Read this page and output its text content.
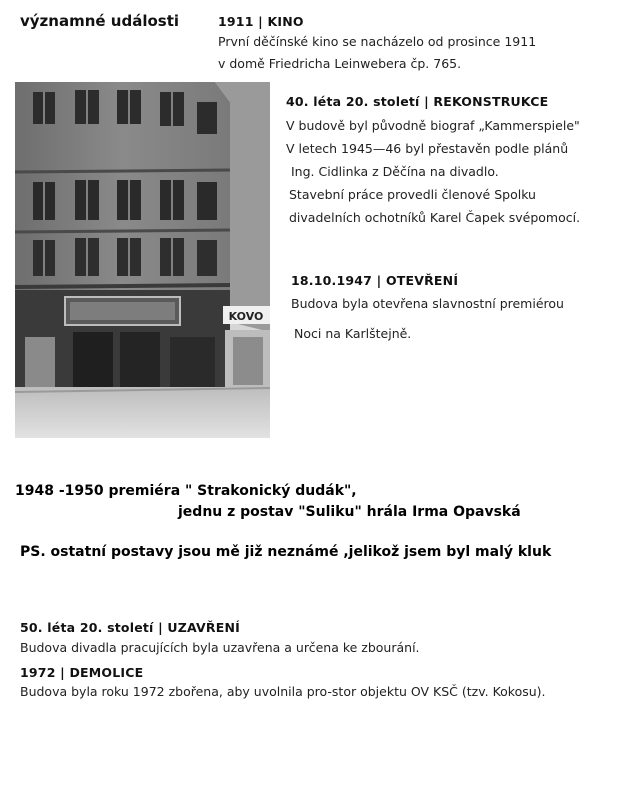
významné události	1911 | KINO
První děčínské kino se nacházelo od prosince 1911
v domě Friedricha Leinwebera čp. 765.
KOVO
40. léta 20. století | REKONSTRUKCE
V budově byl původně biograf „Kammerspiele"
V letech 1945—46 byl přestavěn podle plánů
Ing. Cidlinka z Děčína na divadlo.
Stavební práce provedli členové Spolku
divadelních ochotníků Karel Čapek svépomocí.
18.10.1947 | OTEVŘENÍ
Budova byla otevřena slavnostní premiérou
Noci na Karlštejně.
1948 -1950 premiéra " Strakonický dudák",
jednu z postav "Suliku" hrála Irma Opavská
PS. ostatní postavy jsou mě již neznámé ,jelikož jsem byl malý kluk
50. léta 20. století | UZAVŘENÍ
Budova divadla pracujících byla uzavřena a určena ke zbourání.
1972 | DEMOLICE
Budova byla roku 1972 zbořena, aby uvolnila pro-stor objektu OV KSČ (tzv. Kokosu).
